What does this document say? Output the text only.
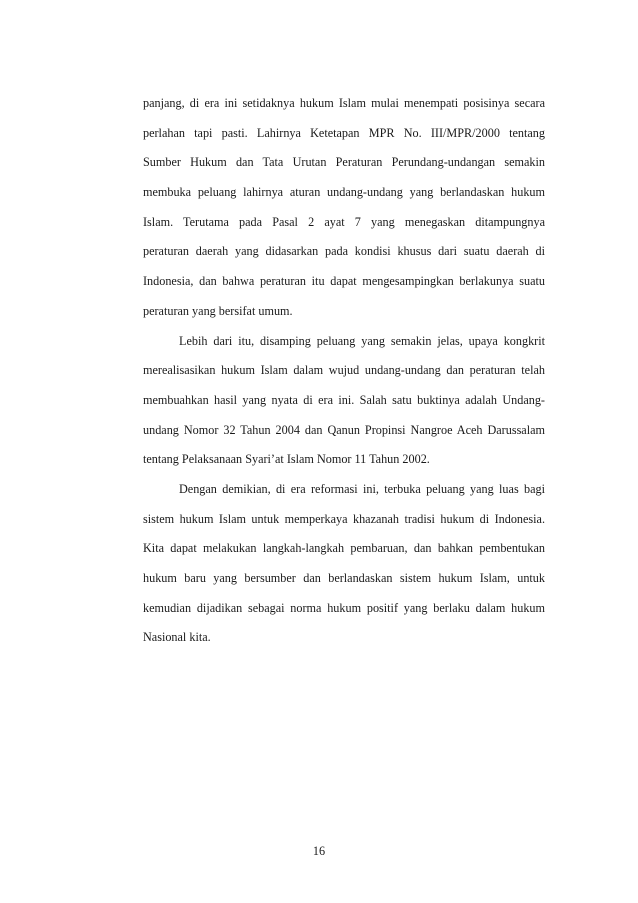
panjang, di era ini setidaknya hukum Islam mulai menempati posisinya secara

perlahan tapi pasti. Lahirnya Ketetapan MPR No. III/MPR/2000 tentang

Sumber Hukum dan Tata Urutan Peraturan Perundang-undangan semakin

membuka peluang lahirnya aturan undang-undang yang berlandaskan hukum

Islam. Terutama pada Pasal 2 ayat 7 yang menegaskan ditampungnya

peraturan daerah yang didasarkan pada kondisi khusus dari suatu daerah di

Indonesia, dan bahwa peraturan itu dapat mengesampingkan berlakunya suatu

peraturan yang bersifat umum.

Lebih dari itu, disamping peluang yang semakin jelas, upaya kongkrit

merealisasikan hukum Islam dalam wujud undang-undang dan peraturan telah

membuahkan hasil yang nyata di era ini. Salah satu buktinya adalah Undang-

undang Nomor 32 Tahun 2004 dan Qanun Propinsi Nangroe Aceh Darussalam

tentang Pelaksanaan Syari’at Islam Nomor 11 Tahun 2002.

Dengan demikian, di era reformasi ini, terbuka peluang yang luas bagi

sistem hukum Islam untuk memperkaya khazanah tradisi hukum di Indonesia.

Kita dapat melakukan langkah-langkah pembaruan, dan bahkan pembentukan

hukum baru yang bersumber dan berlandaskan sistem hukum Islam, untuk

kemudian dijadikan sebagai norma hukum positif yang berlaku dalam hukum

Nasional kita.

16
